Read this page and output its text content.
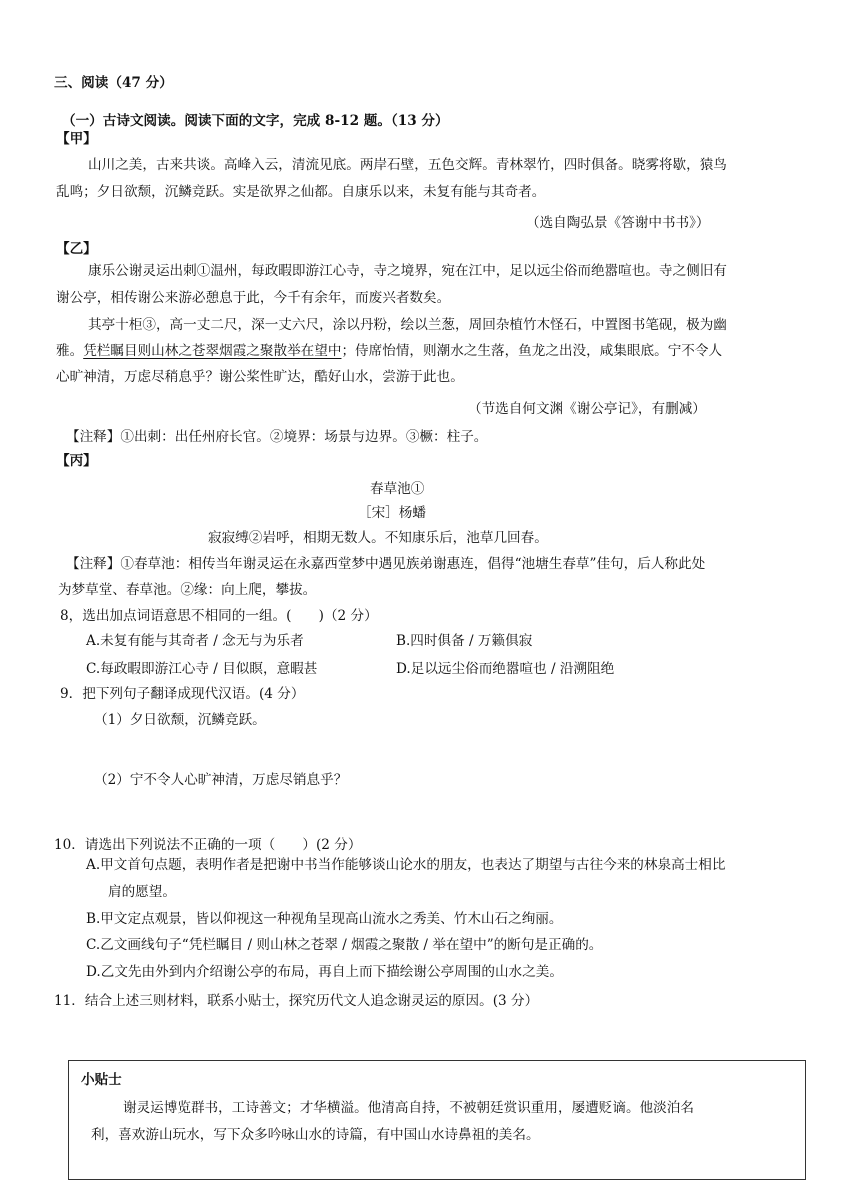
三、阅读（47 分）
（一）古诗文阅读。阅读下面的文字，完成 8-12 题。（13 分）
【甲】
山川之美，古来共谈。高峰入云，清流见底。两岸石壁，五色交辉。青林翠竹，四时俱备。晓雾将歇，猿鸟
乱鸣；夕日欲颓，沉鳞竞跃。实是欲界之仙都。自康乐以来，未复有能与其奇者。
（选自陶弘景《答谢中书书》）
【乙】
康乐公谢灵运出刺①温州，每政暇即游江心寺，寺之境界，宛在江中，足以远尘俗而绝嚣喧也。寺之侧旧有
谢公亭，相传谢公来游必憩息于此，今千有余年，而废兴者数矣。
其亭十柜③，高一丈二尺，深一丈六尺，涂以丹粉，绘以兰葱，周回杂植竹木怪石，中置图书笔砚，极为幽
雅。凭栏瞩目则山林之苍翠烟霞之聚散举在望中；侍席怡情，则潮水之生落，鱼龙之出没，咸集眼底。宁不令人
心旷神清，万虑尽稍息乎？谢公桨性旷达，酷好山水，尝游于此也。
（节选自何文渊《谢公亭记》，有删减）
【注释】①出刺：出任州府长官。②境界：场景与边界。③橛：柱子。
【丙】
春草池①
［宋］杨蟠
寂寂缚②岩呼，相期无数人。不知康乐后，池草几回春。
【注释】①春草池：相传当年谢灵运在永嘉西堂梦中遇见族弟谢惠连，倡得“池塘生春草”佳句，后人称此处
为梦草堂、春草池。②缘：向上爬，攀拔。
8，选出加点词语意思不相同的一组。(　　)（2 分）
A.未复有能与其奇者 / 念无与为乐者	B.四时俱备 / 万籁俱寂
C.每政暇即游江心寺 / 目似瞑，意暇甚	D.足以远尘俗而绝嚣喧也 / 沿溯阻绝
9．把下列句子翻译成现代汉语。(4 分）
（1）夕日欲颓，沉鳞竞跃。
（2）宁不令人心旷神清，万虑尽销息乎？
10．请选出下列说法不正确的一项（　　）(2 分）
A.甲文首句点题，表明作者是把谢中书当作能够谈山论水的朋友，也表达了期望与古往今来的林泉高士相比
肩的愿望。
B.甲文定点观景，皆以仰视这一种视角呈现高山流水之秀美、竹木山石之绚丽。
C.乙文画线句子“凭栏瞩目 / 则山林之苍翠 / 烟霞之聚散 / 举在望中”的断句是正确的。
D.乙文先由外到内介绍谢公亭的布局，再自上而下描绘谢公亭周围的山水之美。
11．结合上述三则材料，联系小贴士，探究历代文人追念谢灵运的原因。(3 分）
小贴士
谢灵运博览群书，工诗善文；才华横溢。他清高自持，不被朝廷赏识重用，屡遭贬谪。他淡泊名
利，喜欢游山玩水，写下众多吟咏山水的诗篇，有中国山水诗鼻祖的美名。
